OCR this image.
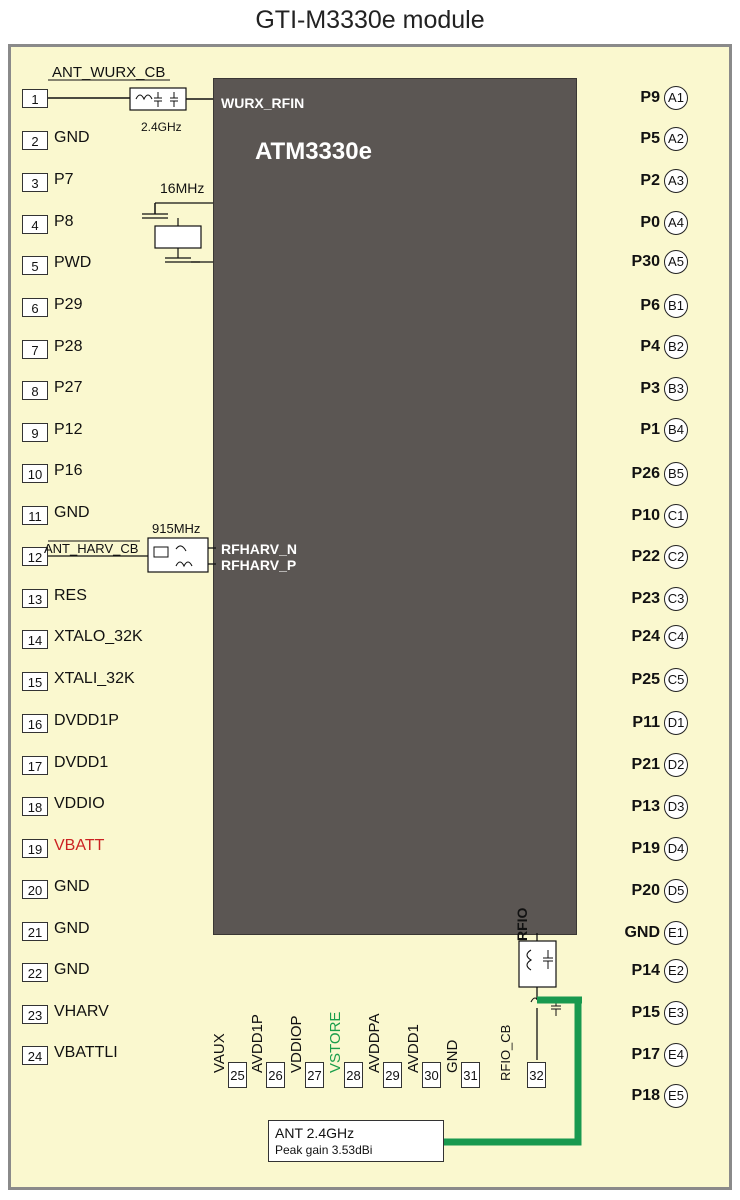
GTI-M3330e module
ATM3330e
1
2
3
4
5
6
7
8
9
10
11
12
13
14
15
16
17
18
19
20
21
22
23
24
GND
P7
P8
PWD
P29
P28
P27
P12
P16
GND
RES
XTALO_32K
XTALI_32K
DVDD1P
DVDD1
VDDIO
VBATT
GND
GND
GND
VHARV
VBATTLI
ANT_WURX_CB
2.4GHz
16MHz
915MHz
ANT_HARV_CB
WURX_RFIN
RFHARV_N
RFHARV_P
RFIO
RFIO_CB
P9 A1
P5 A2
P2 A3
P0 A4
P30 A5
P6 B1
P4 B2
P3 B3
P1 B4
P26 B5
P10 C1
P22 C2
P23 C3
P24 C4
P25 C5
P11 D1
P21 D2
P13 D3
P19 D4
P20 D5
GND E1
P14 E2
P15 E3
P17 E4
P18 E5
25
VAUX
26
AVDD1P
27
VDDIOP
28
VSTORE
29
AVDDPA
30
AVDD1
31
GND
32
ANT 2.4GHz
Peak gain 3.53dBi
